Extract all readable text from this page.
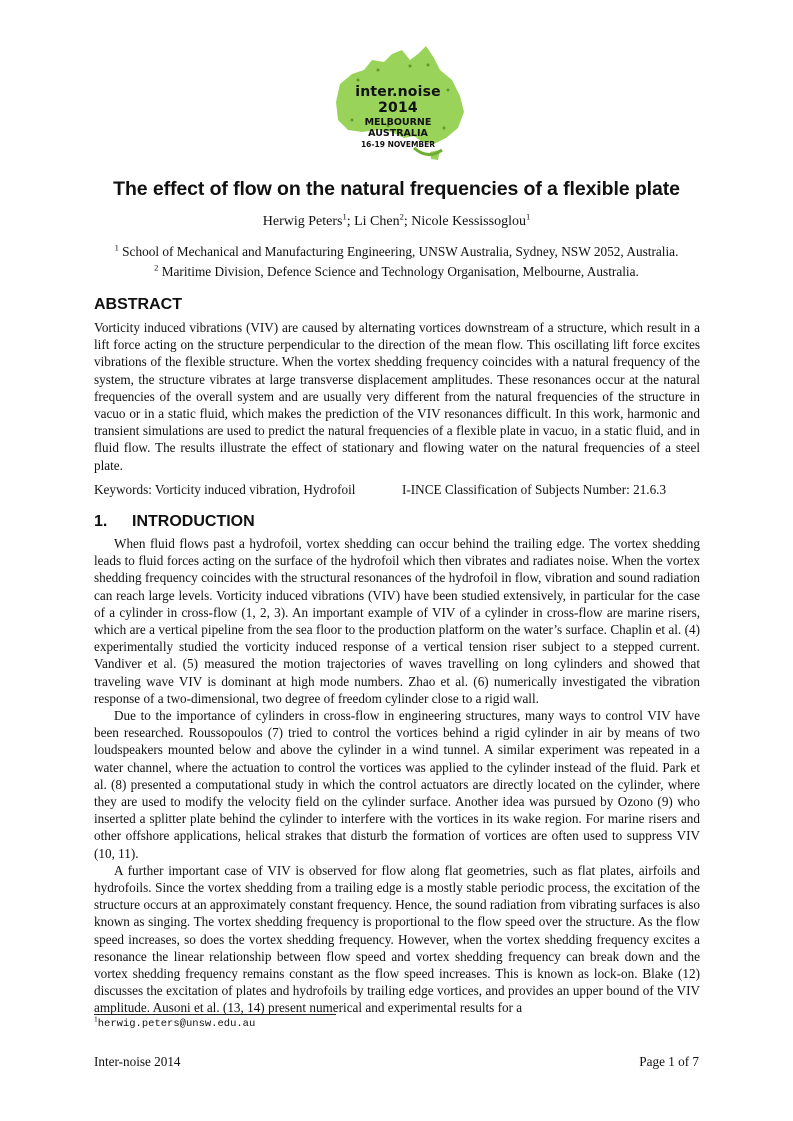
inter.noise 2014
MELBOURNE AUSTRALIA
16-19 NOVEMBER
The effect of flow on the natural frequencies of a flexible plate
Herwig Peters$^1$; Li Chen$^2$; Nicole Kessissoglou$^1$
$^1$ School of Mechanical and Manufacturing Engineering, UNSW Australia, Sydney, NSW 2052, Australia.
$^2$ Maritime Division, Defence Science and Technology Organisation, Melbourne, Australia.
ABSTRACT

Vorticity induced vibrations (VIV) are caused by alternating vortices downstream of a structure, which result in a lift force acting on the structure perpendicular to the direction of the mean flow. This oscillating lift force excites vibrations of the flexible structure. When the vortex shedding frequency coincides with a natural frequency of the system, the structure vibrates at large transverse displacement amplitudes. These resonances occur at the natural frequencies of the overall system and are usually very different from the natural frequencies of the structure in vacuo or in a static fluid, which makes the prediction of the VIV resonances difficult. In this work, harmonic and transient simulations are used to predict the natural frequencies of a flexible plate in vacuo, in a static fluid, and in fluid flow. The results illustrate the effect of stationary and flowing water on the natural frequencies of a steel plate.

Keywords: Vorticity induced vibration, Hydrofoil	I-INCE Classification of Subjects Number: 21.6.3
1. INTRODUCTION

When fluid flows past a hydrofoil, vortex shedding can occur behind the trailing edge. The vortex shedding leads to fluid forces acting on the surface of the hydrofoil which then vibrates and radiates noise. When the vortex shedding frequency coincides with the structural resonances of the hydrofoil in flow, vibration and sound radiation can reach large levels. Vorticity induced vibrations (VIV) have been studied extensively, in particular for the case of a cylinder in cross-flow (1, 2, 3). An important example of VIV of a cylinder in cross-flow are marine risers, which are a vertical pipeline from the sea floor to the production platform on the water’s surface. Chaplin et al. (4) experimentally studied the vorticity induced response of a vertical tension riser subject to a stepped current. Vandiver et al. (5) measured the motion trajectories of waves travelling on long cylinders and showed that traveling wave VIV is dominant at high mode numbers. Zhao et al. (6) numerically investigated the vibration response of a two-dimensional, two degree of freedom cylinder close to a rigid wall.

Due to the importance of cylinders in cross-flow in engineering structures, many ways to control VIV have been researched. Roussopoulos (7) tried to control the vortices behind a rigid cylinder in air by means of two loudspeakers mounted below and above the cylinder in a wind tunnel. A similar experiment was repeated in a water channel, where the actuation to control the vortices was applied to the cylinder instead of the fluid. Park et al. (8) presented a computational study in which the control actuators are directly located on the cylinder, where they are used to modify the velocity field on the cylinder surface. Another idea was pursued by Ozono (9) who inserted a splitter plate behind the cylinder to interfere with the vortices in its wake region. For marine risers and other offshore applications, helical strakes that disturb the formation of vortices are often used to suppress VIV (10, 11).

A further important case of VIV is observed for flow along flat geometries, such as flat plates, airfoils and hydrofoils. Since the vortex shedding from a trailing edge is a mostly stable periodic process, the excitation of the structure occurs at an approximately constant frequency. Hence, the sound radiation from vibrating surfaces is also known as singing. The vortex shedding frequency is proportional to the flow speed over the structure. As the flow speed increases, so does the vortex shedding frequency. However, when the vortex shedding frequency excites a resonance the linear relationship between flow speed and vortex shedding frequency can break down and the vortex shedding frequency remains constant as the flow speed increases. This is known as lock-on. Blake (12) discusses the excitation of plates and hydrofoils by trailing edge vortices, and provides an upper bound of the VIV amplitude. Ausoni et al. (13, 14) present numerical and experimental results for a

$^1$herwig.peters@unsw.edu.au
Inter-noise 2014	Page 1 of 7
